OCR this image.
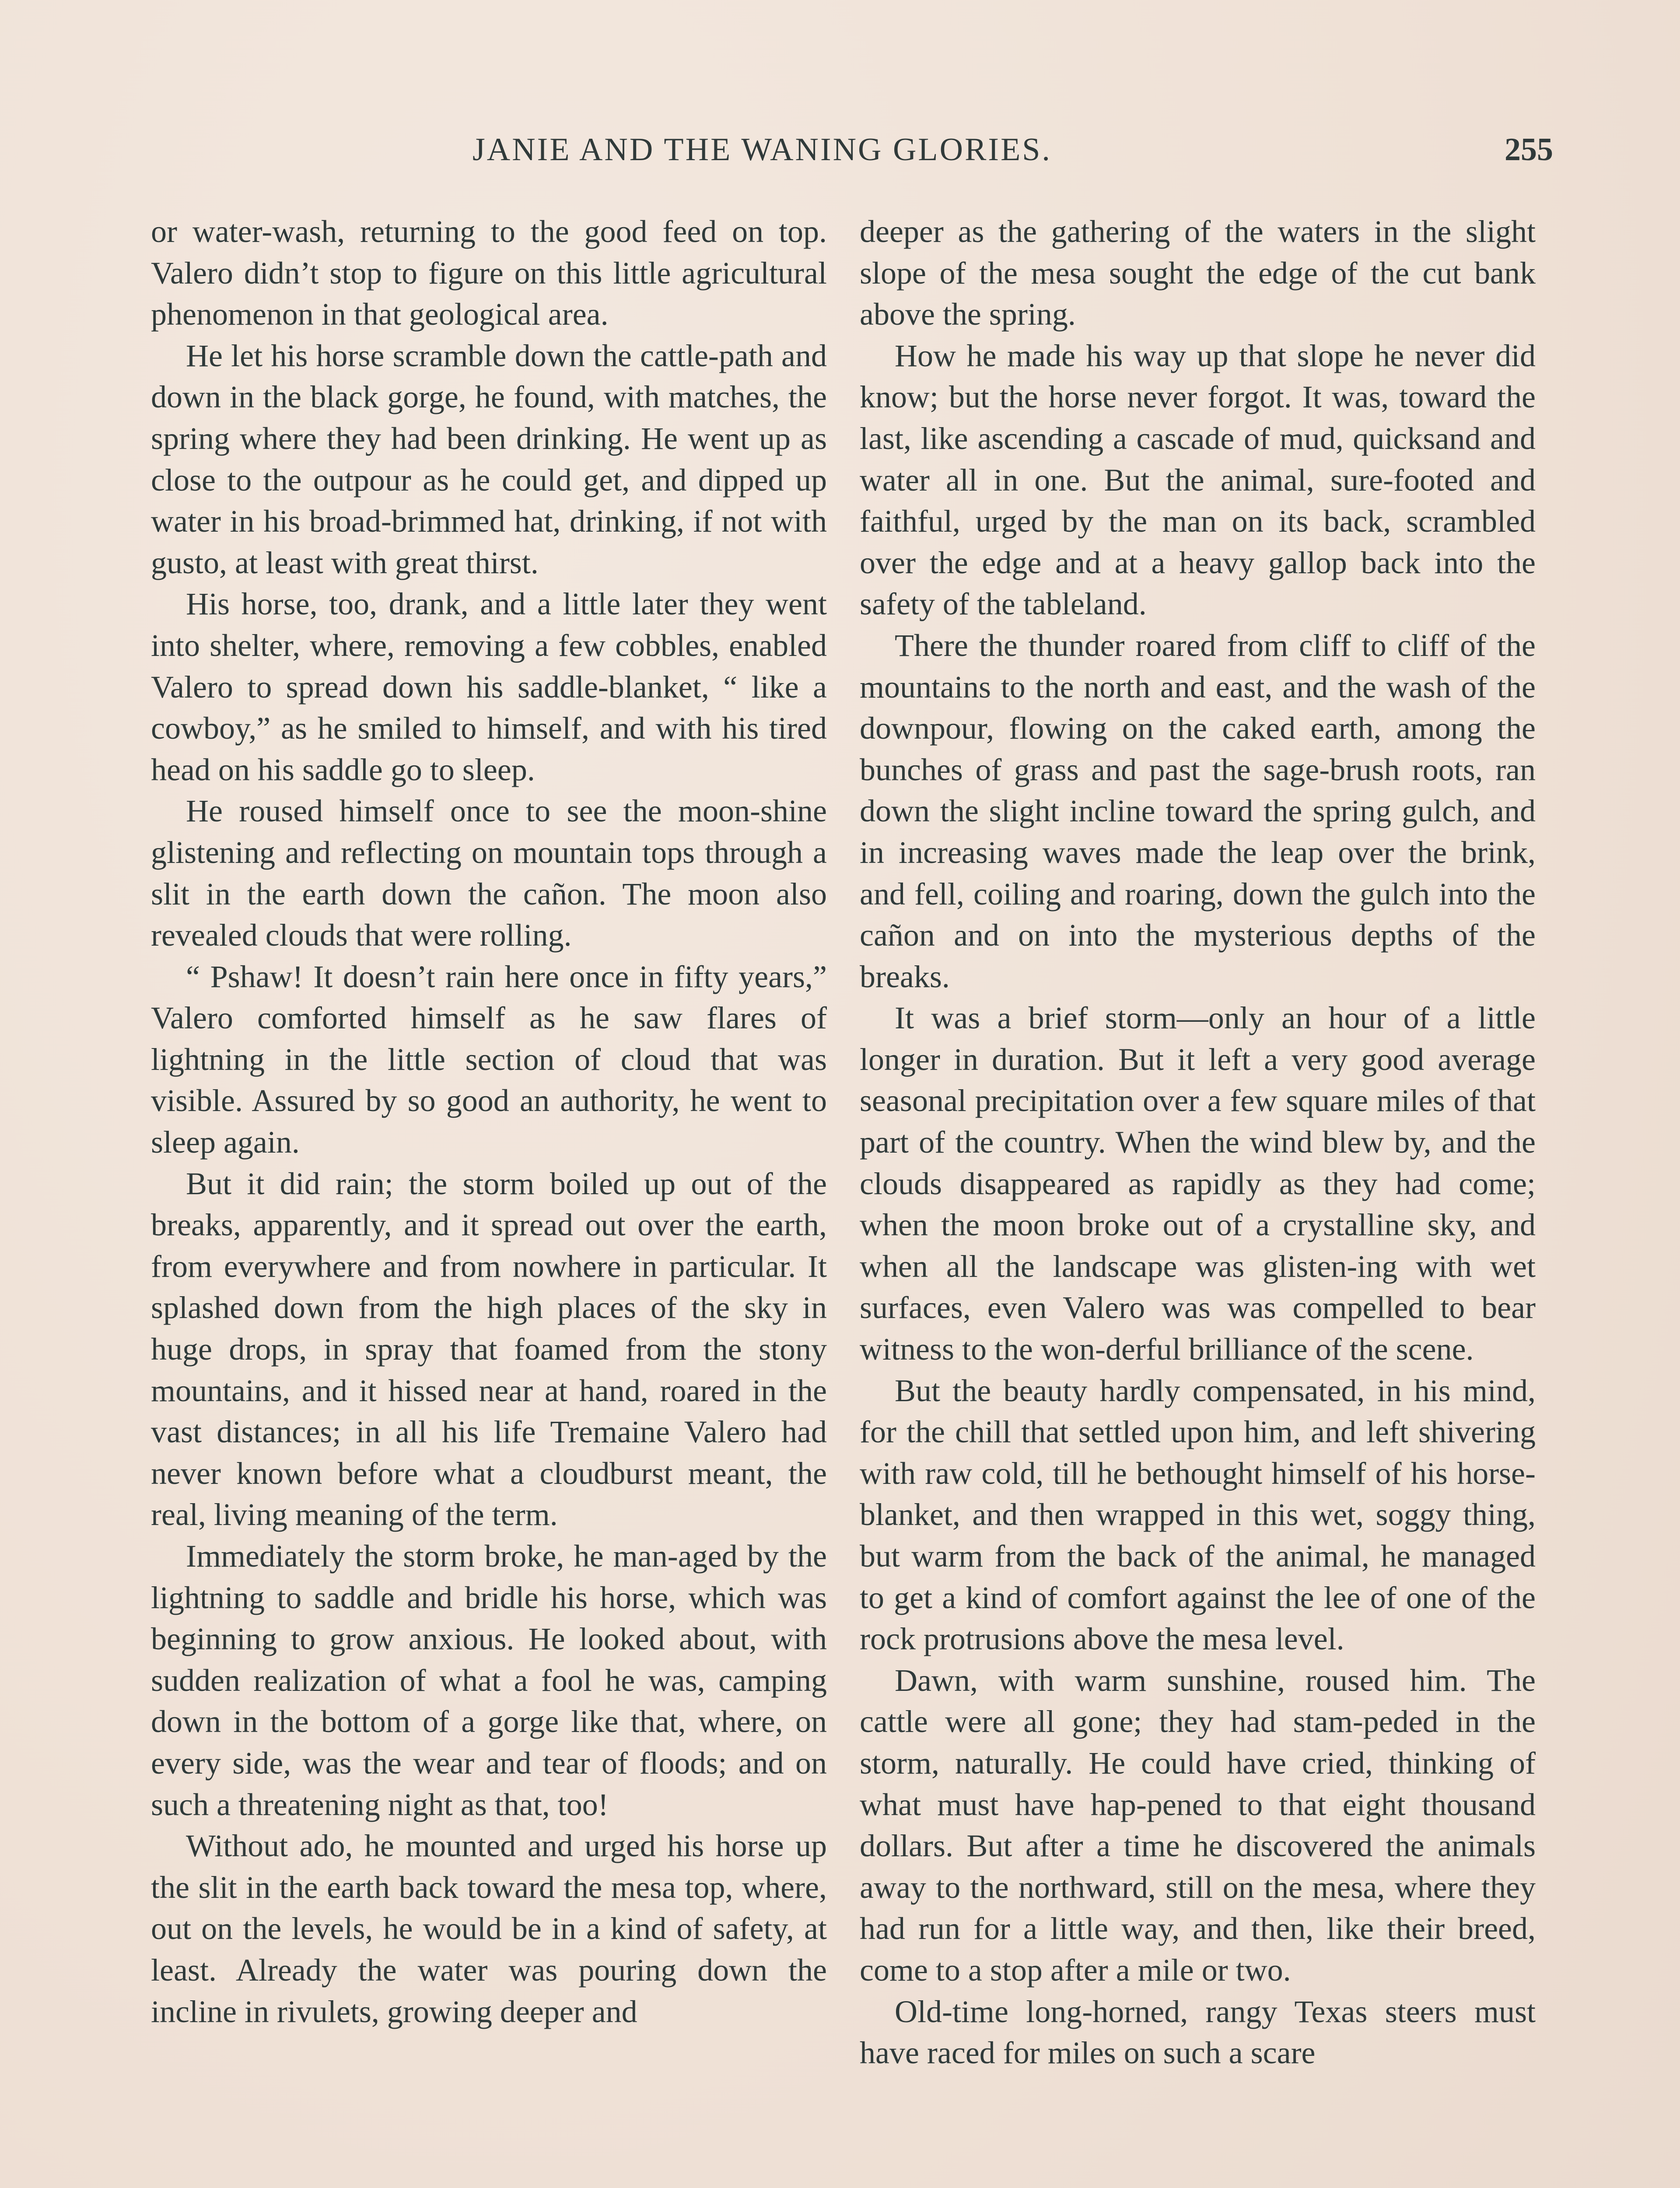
JANIE AND THE WANING GLORIES.	255

or water-wash, returning to the good feed on top. Valero didn’t stop to figure on this little agricultural phenomenon in that geological area.

He let his horse scramble down the cattle-path and down in the black gorge, he found, with matches, the spring where they had been drinking. He went up as close to the outpour as he could get, and dipped up water in his broad-brimmed hat, drinking, if not with gusto, at least with great thirst.

His horse, too, drank, and a little later they went into shelter, where, removing a few cobbles, enabled Valero to spread down his saddle-blanket, “ like a cowboy,” as he smiled to himself, and with his tired head on his saddle go to sleep.

He roused himself once to see the moon-shine glistening and reflecting on mountain tops through a slit in the earth down the cañon. The moon also revealed clouds that were rolling.

“ Pshaw! It doesn’t rain here once in fifty years,” Valero comforted himself as he saw flares of lightning in the little section of cloud that was visible. Assured by so good an authority, he went to sleep again.

But it did rain; the storm boiled up out of the breaks, apparently, and it spread out over the earth, from everywhere and from nowhere in particular. It splashed down from the high places of the sky in huge drops, in spray that foamed from the stony mountains, and it hissed near at hand, roared in the vast distances; in all his life Tremaine Valero had never known before what a cloudburst meant, the real, living meaning of the term.

Immediately the storm broke, he man-aged by the lightning to saddle and bridle his horse, which was beginning to grow anxious. He looked about, with sudden realization of what a fool he was, camping down in the bottom of a gorge like that, where, on every side, was the wear and tear of floods; and on such a threatening night as that, too!

Without ado, he mounted and urged his horse up the slit in the earth back toward the mesa top, where, out on the levels, he would be in a kind of safety, at least. Already the water was pouring down the incline in rivulets, growing deeper and

deeper as the gathering of the waters in the slight slope of the mesa sought the edge of the cut bank above the spring.

How he made his way up that slope he never did know; but the horse never forgot. It was, toward the last, like ascending a cascade of mud, quicksand and water all in one. But the animal, sure-footed and faithful, urged by the man on its back, scrambled over the edge and at a heavy gallop back into the safety of the tableland.

There the thunder roared from cliff to cliff of the mountains to the north and east, and the wash of the downpour, flowing on the caked earth, among the bunches of grass and past the sage-brush roots, ran down the slight incline toward the spring gulch, and in increasing waves made the leap over the brink, and fell, coiling and roaring, down the gulch into the cañon and on into the mysterious depths of the breaks.

It was a brief storm—only an hour of a little longer in duration. But it left a very good average seasonal precipitation over a few square miles of that part of the country. When the wind blew by, and the clouds disappeared as rapidly as they had come; when the moon broke out of a crystalline sky, and when all the landscape was glisten-ing with wet surfaces, even Valero was was compelled to bear witness to the won-derful brilliance of the scene.

But the beauty hardly compensated, in his mind, for the chill that settled upon him, and left shivering with raw cold, till he bethought himself of his horse-blanket, and then wrapped in this wet, soggy thing, but warm from the back of the animal, he managed to get a kind of comfort against the lee of one of the rock protrusions above the mesa level.

Dawn, with warm sunshine, roused him. The cattle were all gone; they had stam-peded in the storm, naturally. He could have cried, thinking of what must have hap-pened to that eight thousand dollars. But after a time he discovered the animals away to the northward, still on the mesa, where they had run for a little way, and then, like their breed, come to a stop after a mile or two.

Old-time long-horned, rangy Texas steers must have raced for miles on such a scare
